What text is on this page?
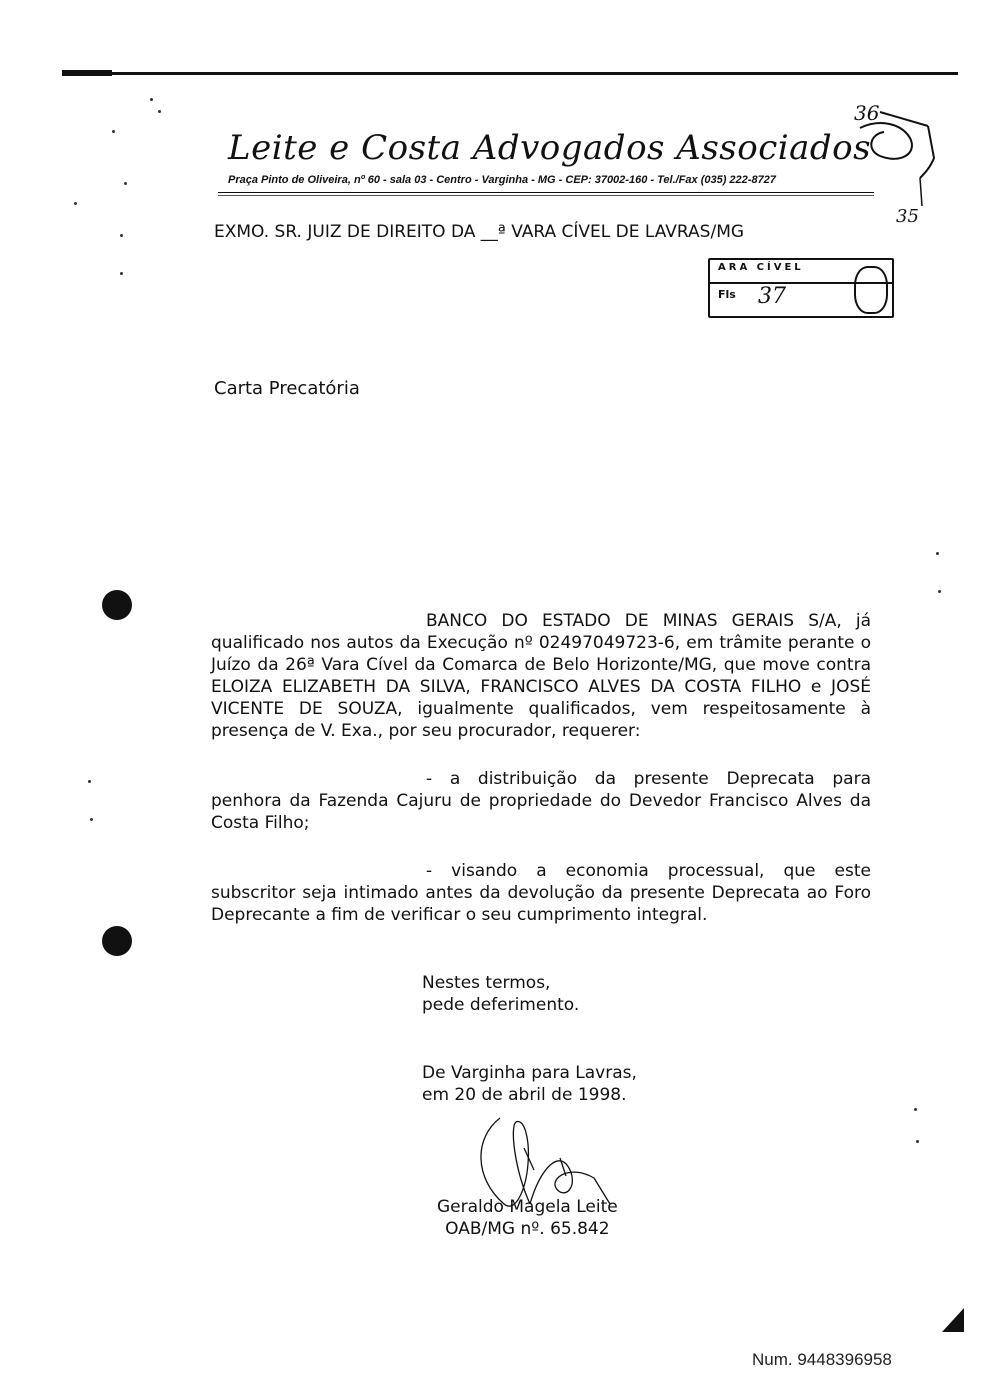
Leite e Costa Advogados Associados
Praça Pinto de Oliveira, nº 60 - sala 03 - Centro - Varginha - MG - CEP: 37002-160 - Tel./Fax (035) 222-8727
36
35
EXMO. SR. JUIZ DE DIREITO DA __ª VARA CÍVEL DE LAVRAS/MG
ARA CÍVEL
Fls 37
Carta Precatória
BANCO DO ESTADO DE MINAS GERAIS S/A, já qualificado nos autos da Execução nº 02497049723-6, em trâmite perante o Juízo da 26ª Vara Cível da Comarca de Belo Horizonte/MG, que move contra ELOIZA ELIZABETH DA SILVA, FRANCISCO ALVES DA COSTA FILHO e JOSÉ VICENTE DE SOUZA, igualmente qualificados, vem respeitosamente à presença de V. Exa., por seu procurador, requerer:
- a distribuição da presente Deprecata para penhora da Fazenda Cajuru de propriedade do Devedor Francisco Alves da Costa Filho;
- visando a economia processual, que este subscritor seja intimado antes da devolução da presente Deprecata ao Foro Deprecante a fim de verificar o seu cumprimento integral.
Nestes termos,
pede deferimento.
De Varginha para Lavras,
em 20 de abril de 1998.
Geraldo Magela Leite
OAB/MG nº. 65.842
Num. 9448396958
